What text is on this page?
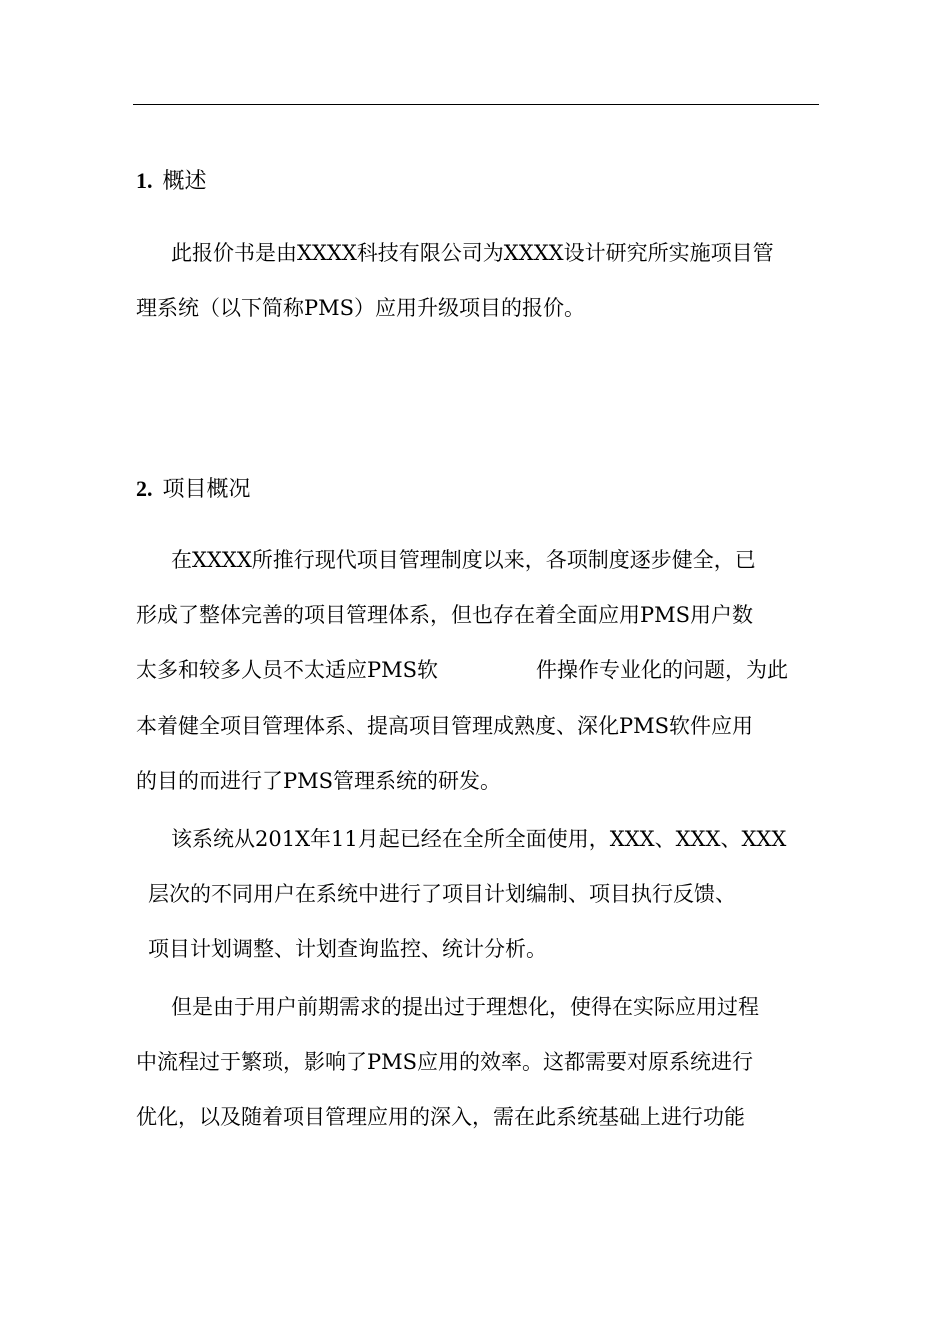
1. 概述
此报价书是由XXXX科技有限公司为XXXX设计研究所实施项目管
理系统（以下简称PMS）应用升级项目的报价。
2. 项目概况
在XXXX所推行现代项目管理制度以来，各项制度逐步健全，已
形成了整体完善的项目管理体系，但也存在着全面应用PMS用户数
太多和较多人员不太适应PMS软	件操作专业化的问题，为此
本着健全项目管理体系、提高项目管理成熟度、深化PMS软件应用
的目的而进行了PMS管理系统的研发。
该系统从201X年11月起已经在全所全面使用，XXX、XXX、XXX
层次的不同用户在系统中进行了项目计划编制、项目执行反馈、
项目计划调整、计划查询监控、统计分析。
但是由于用户前期需求的提出过于理想化，使得在实际应用过程
中流程过于繁琐，影响了PMS应用的效率。这都需要对原系统进行
优化，以及随着项目管理应用的深入，需在此系统基础上进行功能
